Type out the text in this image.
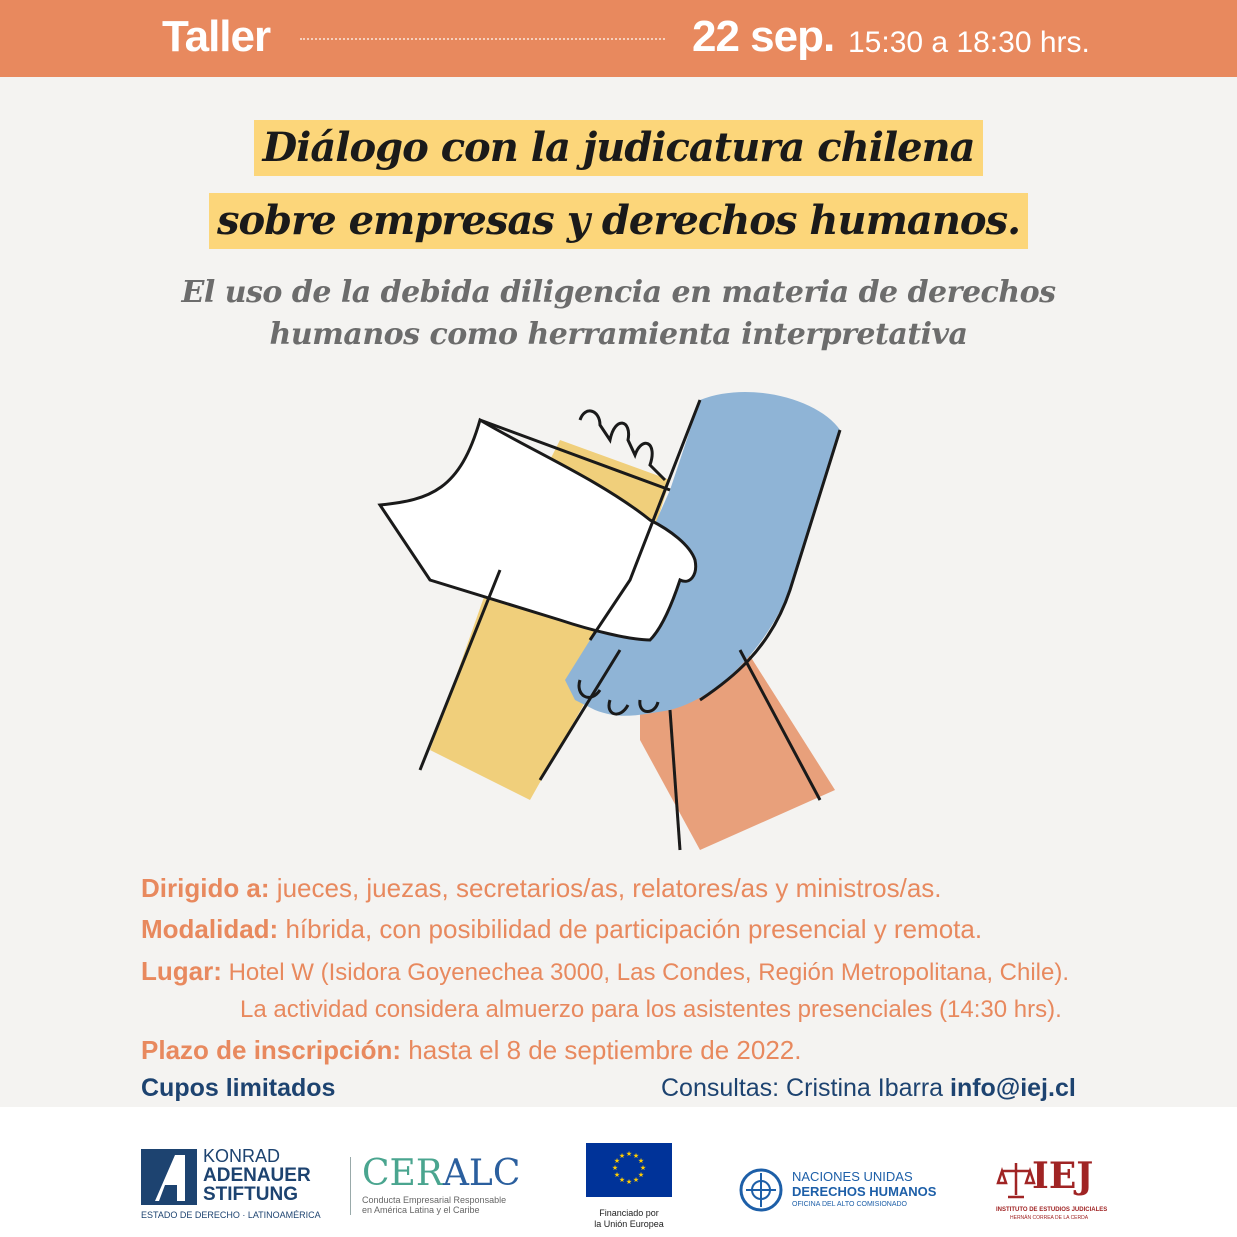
Taller	22 sep. 15:30 a 18:30 hrs.
Diálogo con la judicatura chilena
sobre empresas y derechos humanos.
El uso de la debida diligencia en materia de derechos
humanos como herramienta interpretativa
Dirigido a: jueces, juezas, secretarios/as, relatores/as y ministros/as.
Modalidad: híbrida, con posibilidad de participación presencial y remota.
Lugar: Hotel W (Isidora Goyenechea 3000, Las Condes, Región Metropolitana, Chile).
La actividad considera almuerzo para los asistentes presenciales (14:30 hrs).
Plazo de inscripción: hasta el 8 de septiembre de 2022.
Cupos limitados	Consultas: Cristina Ibarra info@iej.cl
KONRAD
ADENAUER
STIFTUNG
ESTADO DE DERECHO · LATINOAMÉRICA
CERALC
Conducta Empresarial Responsable
en América Latina y el Caribe
★ ★
★
★
★
★
★
★
★
★
★
★
Financiado por
la Unión Europea
NACIONES UNIDAS
DERECHOS HUMANOS
OFICINA DEL ALTO COMISIONADO
IEJ
INSTITUTO DE ESTUDIOS JUDICIALES
HERNÁN CORREA DE LA CERDA
